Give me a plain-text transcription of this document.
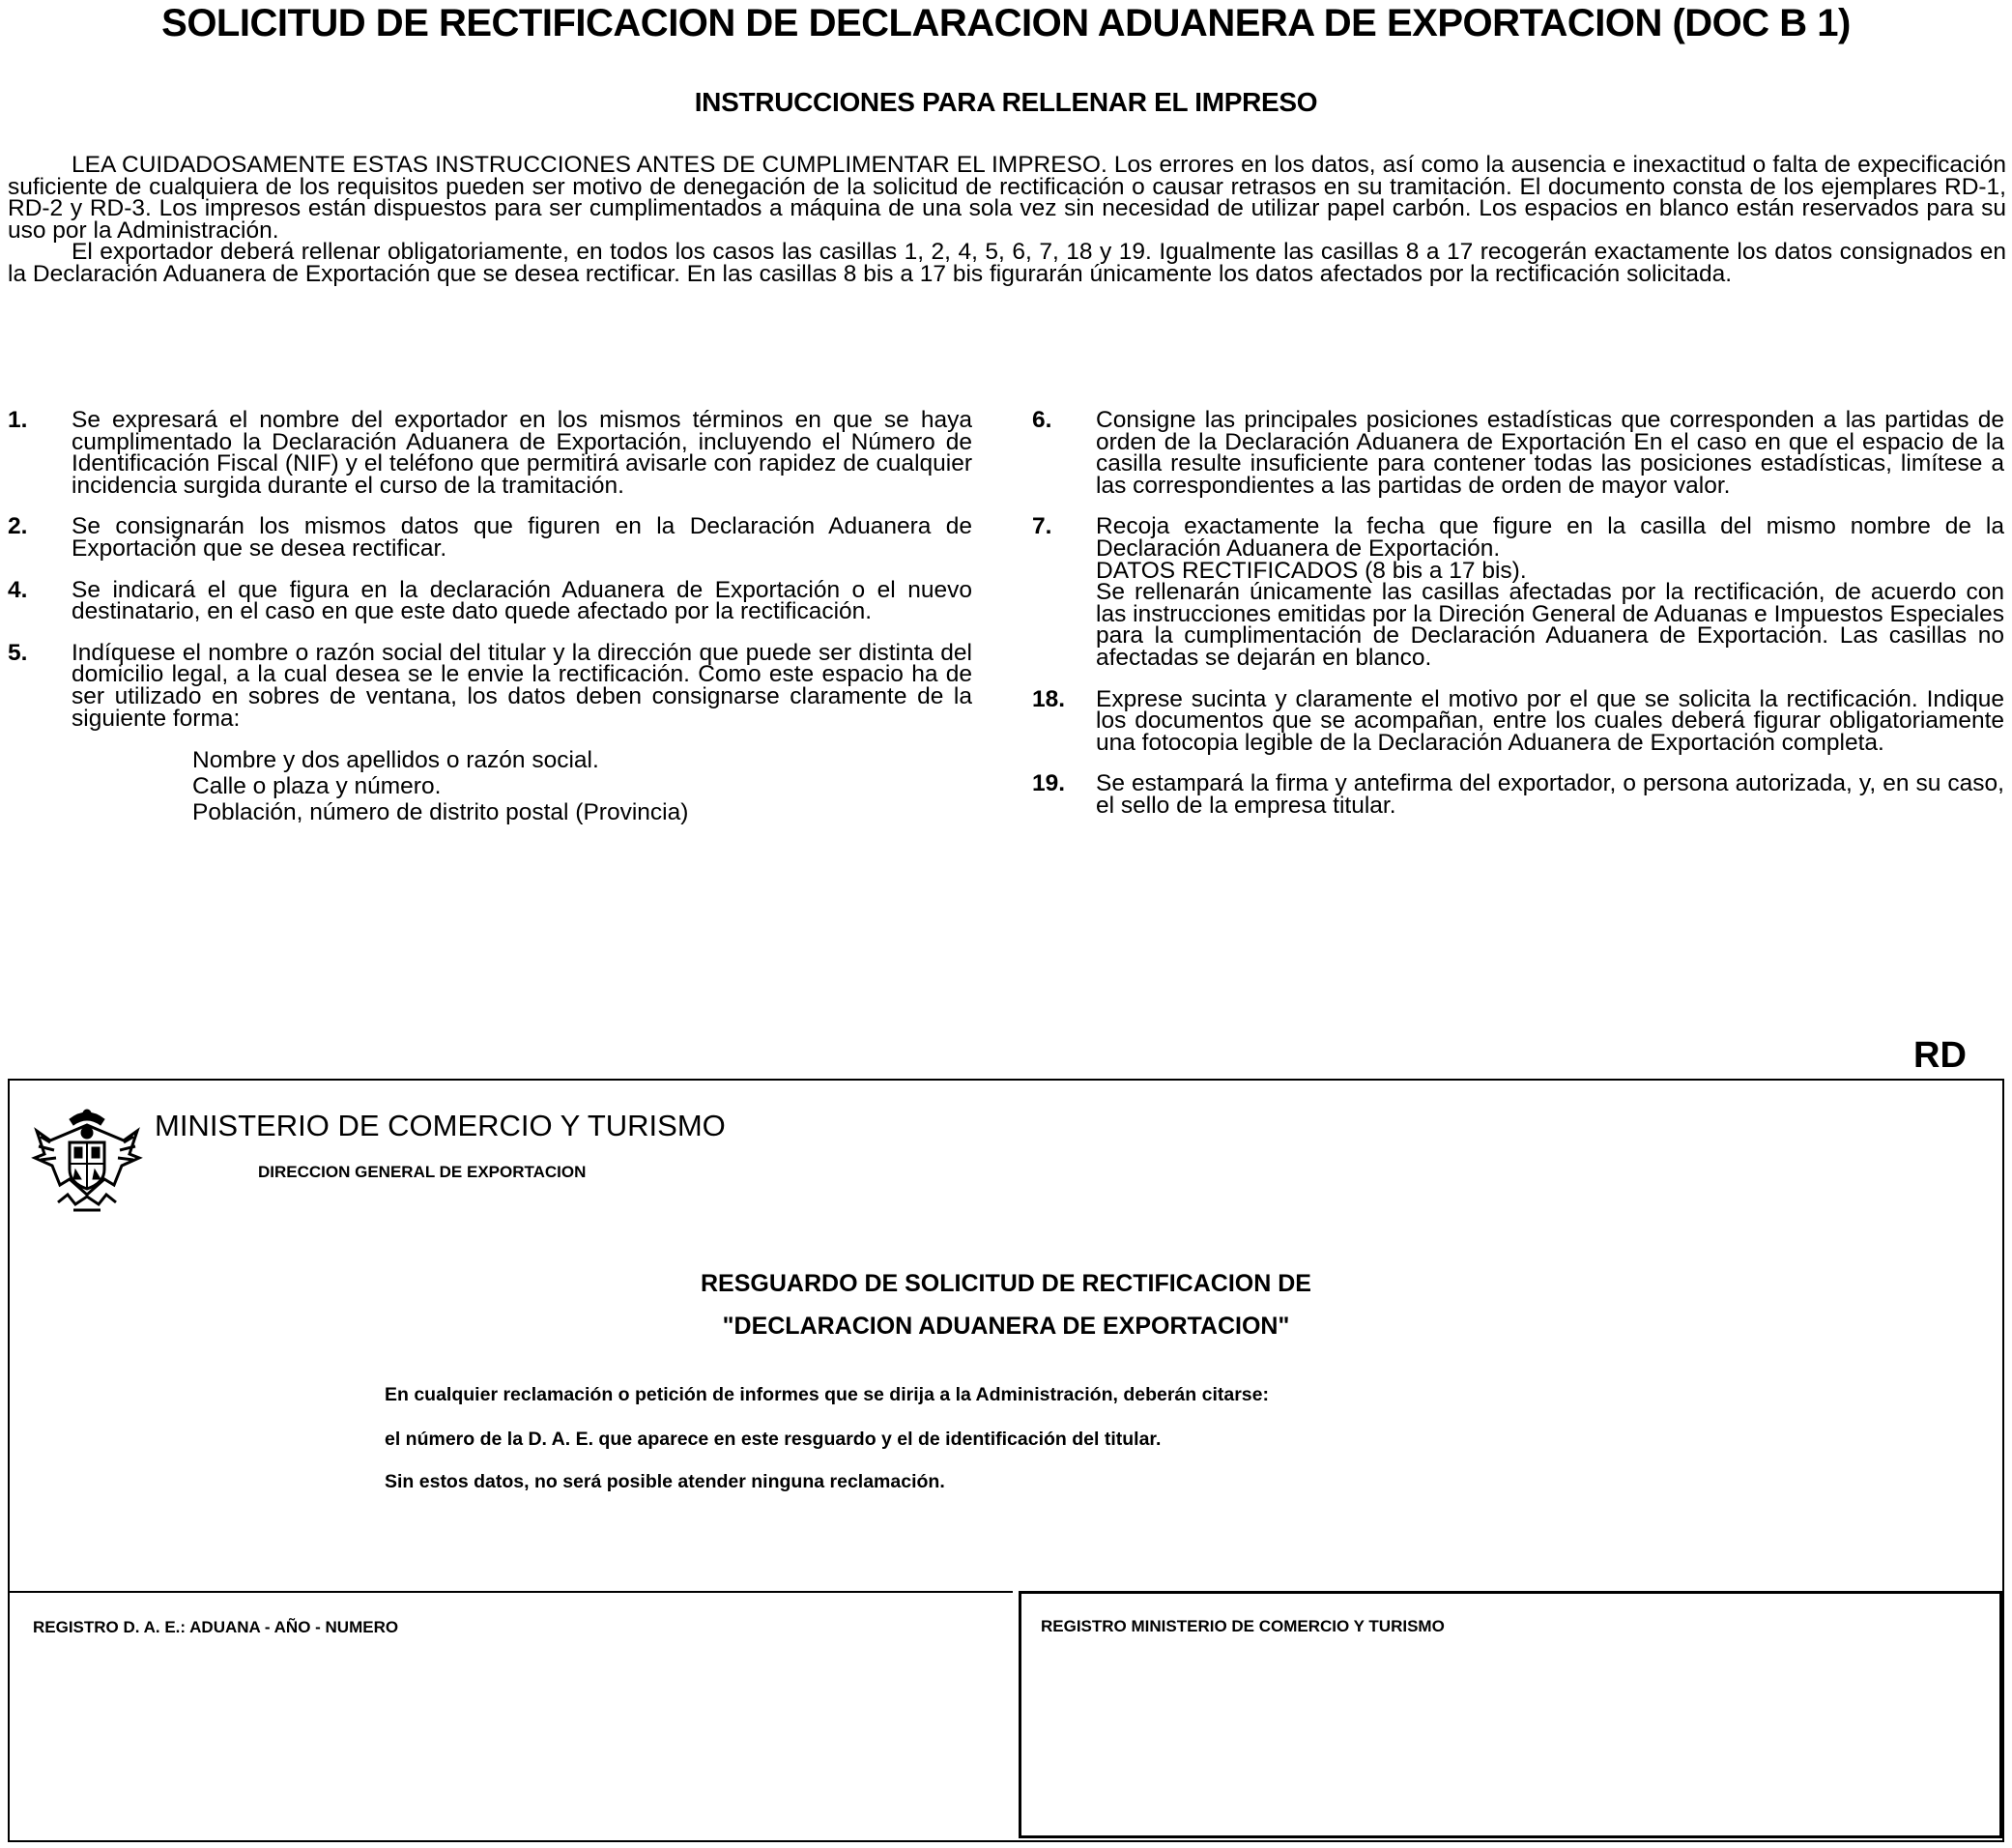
SOLICITUD DE RECTIFICACION DE DECLARACION ADUANERA DE EXPORTACION (DOC B 1)
INSTRUCCIONES PARA RELLENAR EL IMPRESO

LEA CUIDADOSAMENTE ESTAS INSTRUCCIONES ANTES DE CUMPLIMENTAR EL IMPRESO. Los errores en los datos, así como la ausencia e inexactitud o falta de expecificación suficiente de cualquiera de los requisitos pueden ser motivo de denegación de la solicitud de rectificación o causar retrasos en su tramitación. El documento consta de los ejemplares RD-1, RD-2 y RD-3. Los impresos están dispuestos para ser cumplimentados a máquina de una sola vez sin necesidad de utilizar papel carbón. Los espacios en blanco están reservados para su uso por la Administración.

El exportador deberá rellenar obligatoriamente, en todos los casos las casillas 1, 2, 4, 5, 6, 7, 18 y 19. Igualmente las casillas 8 a 17 recogerán exactamente los datos consignados en la Declaración Aduanera de Exportación que se desea rectificar. En las casillas 8 bis a 17 bis figurarán únicamente los datos afectados por la rectificación solicitada.

1. Se expresará el nombre del exportador en los mismos términos en que se haya cumplimentado la Declaración Aduanera de Exportación, incluyendo el Número de Identificación Fiscal (NIF) y el teléfono que permitirá avisarle con rapidez de cualquier incidencia surgida durante el curso de la tramitación.

2. Se consignarán los mismos datos que figuren en la Declaración Aduanera de Exportación que se desea rectificar.

4. Se indicará el que figura en la declaración Aduanera de Exportación o el nuevo destinatario, en el caso en que este dato quede afectado por la rectificación.

5. Indíquese el nombre o razón social del titular y la dirección que puede ser distinta del domicilio legal, a la cual desea se le envie la rectificación. Como este espacio ha de ser utilizado en sobres de ventana, los datos deben consignarse claramente de la siguiente forma:

Nombre y dos apellidos o razón social.
Calle o plaza y número.
Población, número de distrito postal (Provincia)
6. Consigne las principales posiciones estadísticas que corresponden a las partidas de orden de la Declaración Aduanera de Exportación En el caso en que el espacio de la casilla resulte insuficiente para contener todas las posiciones estadísticas, limítese a las correspondientes a las partidas de orden de mayor valor.

7. Recoja exactamente la fecha que figure en la casilla del mismo nombre de la Declaración Aduanera de Exportación.

DATOS RECTIFICADOS (8 bis a 17 bis).

Se rellenarán únicamente las casillas afectadas por la rectificación, de acuerdo con las instrucciones emitidas por la Direción General de Aduanas e Impuestos Especiales para la cumplimentación de Declaración Aduanera de Exportación. Las casillas no afectadas se dejarán en blanco.

18. Exprese sucinta y claramente el motivo por el que se solicita la rectificación. Indique los documentos que se acompañan, entre los cuales deberá figurar obligatoriamente una fotocopia legible de la Declaración Aduanera de Exportación completa.

19. Se estampará la firma y antefirma del exportador, o persona autorizada, y, en su caso, el sello de la empresa titular.

RD
MINISTERIO DE COMERCIO Y TURISMO
DIRECCION GENERAL DE EXPORTACION
RESGUARDO DE SOLICITUD DE RECTIFICACION DE
"DECLARACION ADUANERA DE EXPORTACION"
En cualquier reclamación o petición de informes que se dirija a la Administración, deberán citarse:
el número de la D. A. E. que aparece en este resguardo y el de identificación del titular.
Sin estos datos, no será posible atender ninguna reclamación.
REGISTRO D. A. E.: ADUANA - AÑO - NUMERO	REGISTRO MINISTERIO DE COMERCIO Y TURISMO
